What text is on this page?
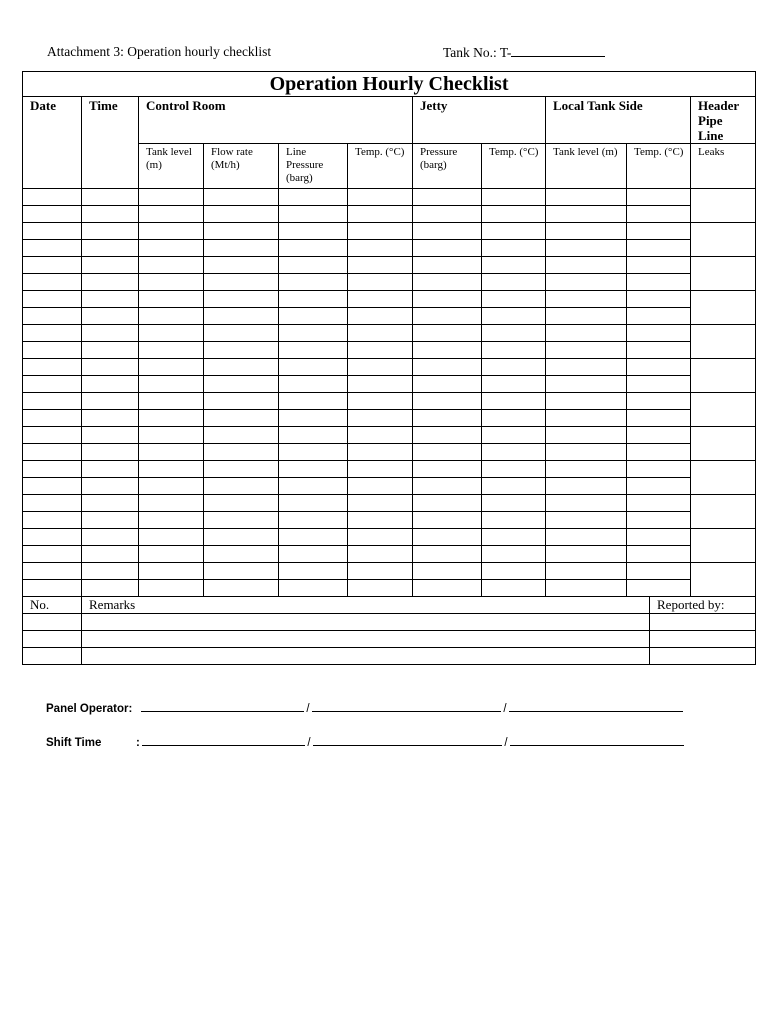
Attachment 3: Operation hourly checklist	Tank No.: T-
Operation Hourly Checklist										
Date	Time	Control Room				Jetty		Local Tank Side		Header Pipe Line
		Tank level (m)	Flow rate (Mt/h)	Line Pressure (barg)	Temp. (°C)	Pressure (barg)	Temp. (°C)	Tank level (m)	Temp. (°C)	Leaks

No.	Remarks	Reported by:

Panel Operator:	/	/
Shift Time	:	/	/
